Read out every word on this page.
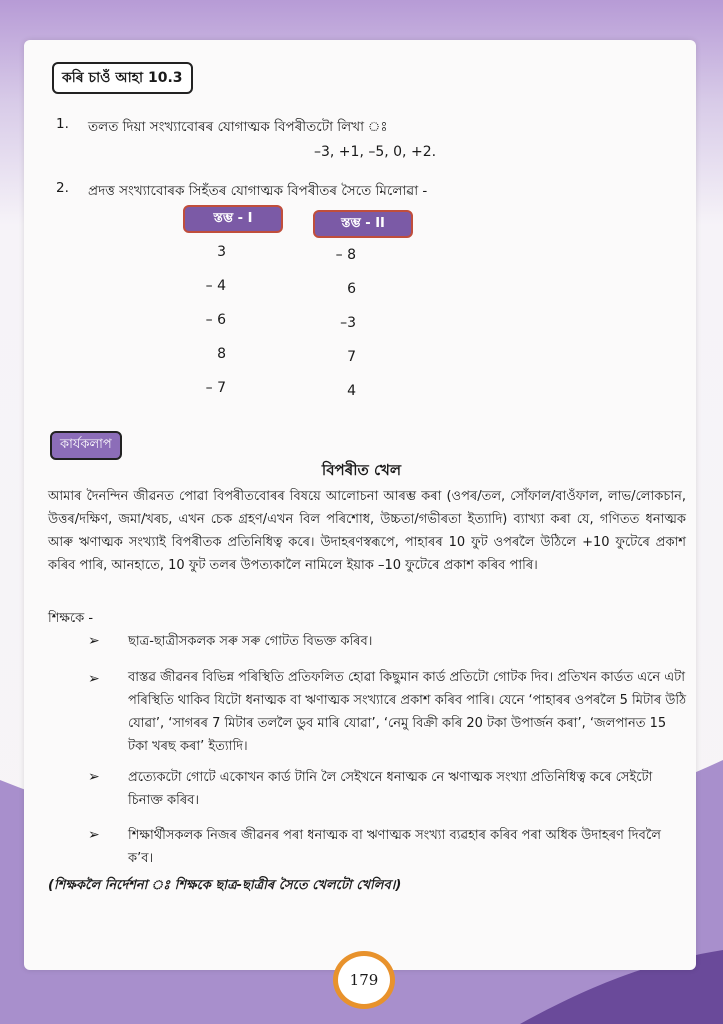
কৰি চাওঁ আহা 10.3
1. তলত দিয়া সংখ্যাবোৰৰ যোগাত্মক বিপৰীতটো লিখা ঃ
–3, +1, –5, 0, +2.
2. প্ৰদত্ত সংখ্যাবোৰক সিহঁতৰ যোগাত্মক বিপৰীতৰ সৈতে মিলোৱা -
স্তম্ভ - I	স্তম্ভ - II
3
– 4
– 6
8
– 7
– 8
6
–3
7
4
কাৰ্যকলাপ
বিপৰীত খেল
আমাৰ দৈনন্দিন জীৱনত পোৱা বিপৰীতবোৰৰ বিষয়ে আলোচনা আৰম্ভ কৰা (ওপৰ/তল, সোঁফাল/বাওঁফাল, লাভ/লোকচান, উত্তৰ/দক্ষিণ, জমা/খৰচ, এখন চেক গ্ৰহণ/এখন বিল পৰিশোধ, উচ্চতা/গভীৰতা ইত্যাদি) ব্যাখ্যা কৰা যে, গণিতত ধনাত্মক আৰু ঋণাত্মক সংখ্যাই বিপৰীতক প্ৰতিনিধিত্ব কৰে। উদাহৰণস্বৰূপে, পাহাৰৰ 10 ফুট ওপৰলৈ উঠিলে +10 ফুটেৰে প্ৰকাশ কৰিব পাৰি, আনহাতে, 10 ফুট তলৰ উপত্যকালৈ নামিলে ইয়াক –10 ফুটেৰে প্ৰকাশ কৰিব পাৰি।
শিক্ষকে -
➢ ছাত্ৰ-ছাত্ৰীসকলক সৰু সৰু গোটত বিভক্ত কৰিব।
➢ বাস্তৱ জীৱনৰ বিভিন্ন পৰিস্থিতি প্ৰতিফলিত হোৱা কিছুমান কাৰ্ড প্ৰতিটো গোটক দিব। প্ৰতিখন কাৰ্ডত এনে এটা পৰিস্থিতি থাকিব যিটো ধনাত্মক বা ঋণাত্মক সংখ্যাৰে প্ৰকাশ কৰিব পাৰি। যেনে ‘পাহাৰৰ ওপৰলৈ 5 মিটাৰ উঠি যোৱা’, ‘সাগৰৰ 7 মিটাৰ তললৈ ডুব মাৰি যোৱা’, ‘নেমু বিক্ৰী কৰি 20 টকা উপাৰ্জন কৰা’, ‘জলপানত 15 টকা খৰছ কৰা’ ইত্যাদি।
➢ প্ৰত্যেকটো গোটে একোখন কাৰ্ড টানি লৈ সেইখনে ধনাত্মক নে ঋণাত্মক সংখ্যা প্ৰতিনিধিত্ব কৰে সেইটো চিনাক্ত কৰিব।
➢ শিক্ষাৰ্থীসকলক নিজৰ জীৱনৰ পৰা ধনাত্মক বা ঋণাত্মক সংখ্যা ব্যৱহাৰ কৰিব পৰা অধিক উদাহৰণ দিবলৈ ক’ব।
(শিক্ষকলৈ নিৰ্দেশনা ঃ শিক্ষকে ছাত্ৰ-ছাত্ৰীৰ সৈতে খেলটো খেলিব।)
179
